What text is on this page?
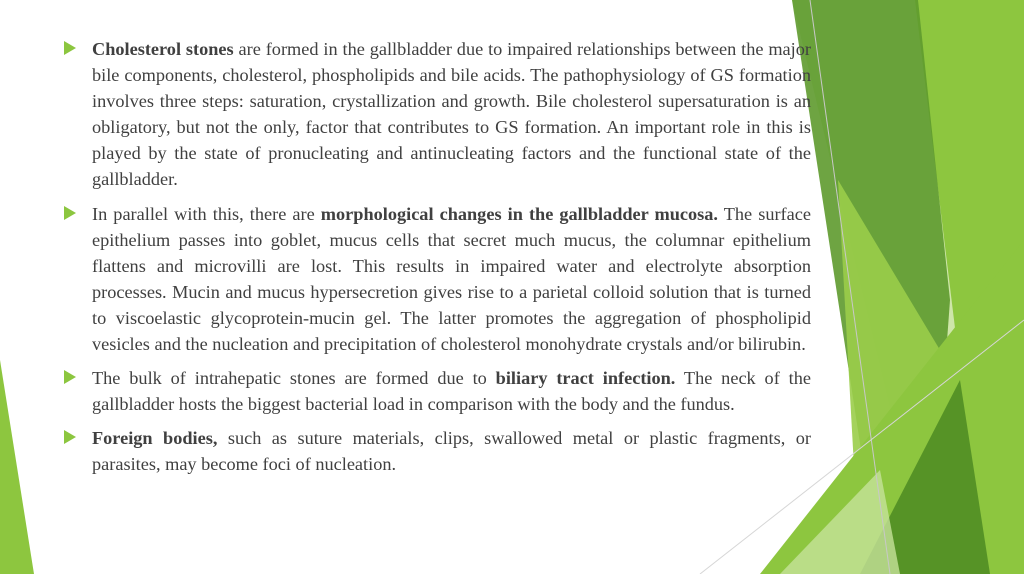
Cholesterol stones are formed in the gallbladder due to impaired relationships between the major bile components, cholesterol, phospholipids and bile acids. The pathophysiology of GS formation involves three steps: saturation, crystallization and growth. Bile cholesterol supersaturation is an obligatory, but not the only, factor that contributes to GS formation. An important role in this is played by the state of pronucleating and antinucleating factors and the functional state of the gallbladder.
In parallel with this, there are morphological changes in the gallbladder mucosa. The surface epithelium passes into goblet, mucus cells that secret much mucus, the columnar epithelium flattens and microvilli are lost. This results in impaired water and electrolyte absorption processes. Mucin and mucus hypersecretion gives rise to a parietal colloid solution that is turned to viscoelastic glycoprotein-mucin gel. The latter promotes the aggregation of phospholipid vesicles and the nucleation and precipitation of cholesterol monohydrate crystals and/or bilirubin.
The bulk of intrahepatic stones are formed due to biliary tract infection. The neck of the gallbladder hosts the biggest bacterial load in comparison with the body and the fundus.
Foreign bodies, such as suture materials, clips, swallowed metal or plastic fragments, or parasites, may become foci of nucleation.
